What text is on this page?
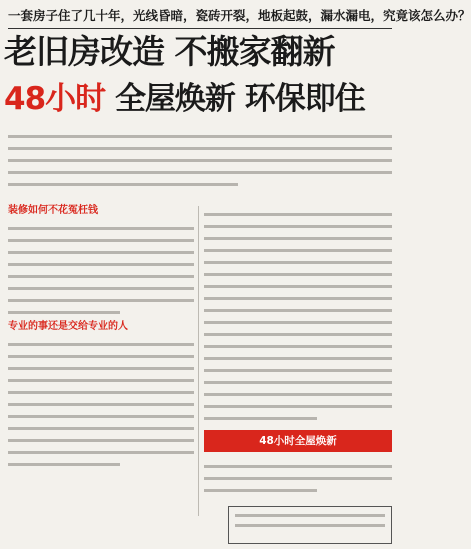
一套房子住了几十年，光线昏暗，瓷砖开裂，地板起鼓，漏水漏电，究竟该怎么办？
老旧房改造 不搬家翻新
48小时 全屋焕新 环保即住
装修如何不花冤枉钱
专业的事还是交给专业的人
48小时全屋焕新
